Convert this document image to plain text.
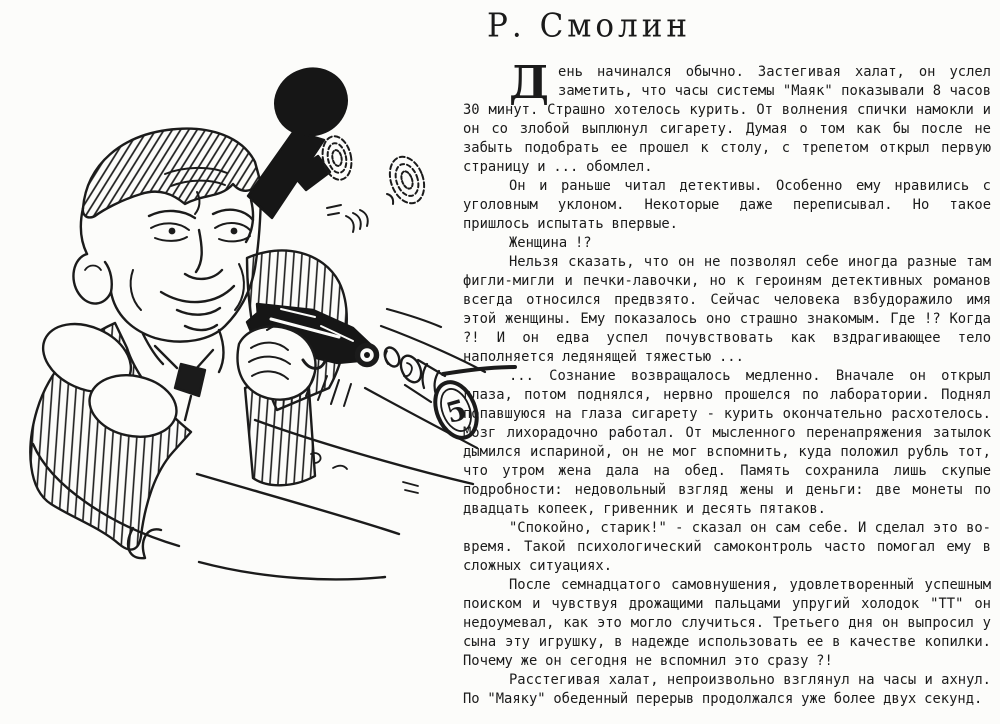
5
Р. Смолин

День начинался обычно. Застегивая халат, он услел заметить, что часы системы "Маяк" показывали 8 часов 30 минут. Страшно хотелось курить. От волнения спички намокли и он со злобой выплюнул сигарету. Думая о том как бы после не забыть подобрать ее прошел к столу, с трепетом открыл первую страницу и ... обомлел.

Он и раньше читал детективы. Особенно ему нравились с уголовным уклоном. Некоторые даже переписывал. Но такое пришлось испытать впервые.

Женщина !?

Нельзя сказать, что он не позволял себе иногда разные там фигли-мигли и печки-лавочки, но к героиням детективных романов всегда относился предвзято. Сейчас человека взбудоражило имя этой женщины. Ему показалось оно страшно знакомым. Где !? Когда ?! И он едва успел почувствовать как вздрагивающее тело наполняется ледянящей тяжестью ...

... Сознание возвращалось медленно. Вначале он открыл глаза, потом поднялся, нервно прошелся по лаборатории. Поднял попавшуюся на глаза сигарету - курить окончательно расхотелось. Мозг лихорадочно работал. От мысленного перенапряжения затылок дымился испариной, он не мог вспомнить, куда положил рубль тот, что утром жена дала на обед. Память сохранила лишь скупые подробности: недовольный взгляд жены и деньги: две монеты по двадцать копеек, гривенник и десять пятаков.

"Спокойно, старик!" - сказал он сам себе. И сделал это во-время. Такой психологический самоконтроль часто помогал ему в сложных ситуациях.

После семнадцатого самовнушения, удовлетворенный успешным поиском и чувствуя дрожащими пальцами упругий холодок "ТТ" он недоумевал, как это могло случиться. Третьего дня он выпросил у сына эту игрушку, в надежде использовать ее в качестве копилки. Почему же он сегодня не вспомнил это сразу ?!

Расстегивая халат, непроизвольно взглянул на часы и ахнул. По "Маяку" обеденный перерыв продолжался уже более двух секунд.
